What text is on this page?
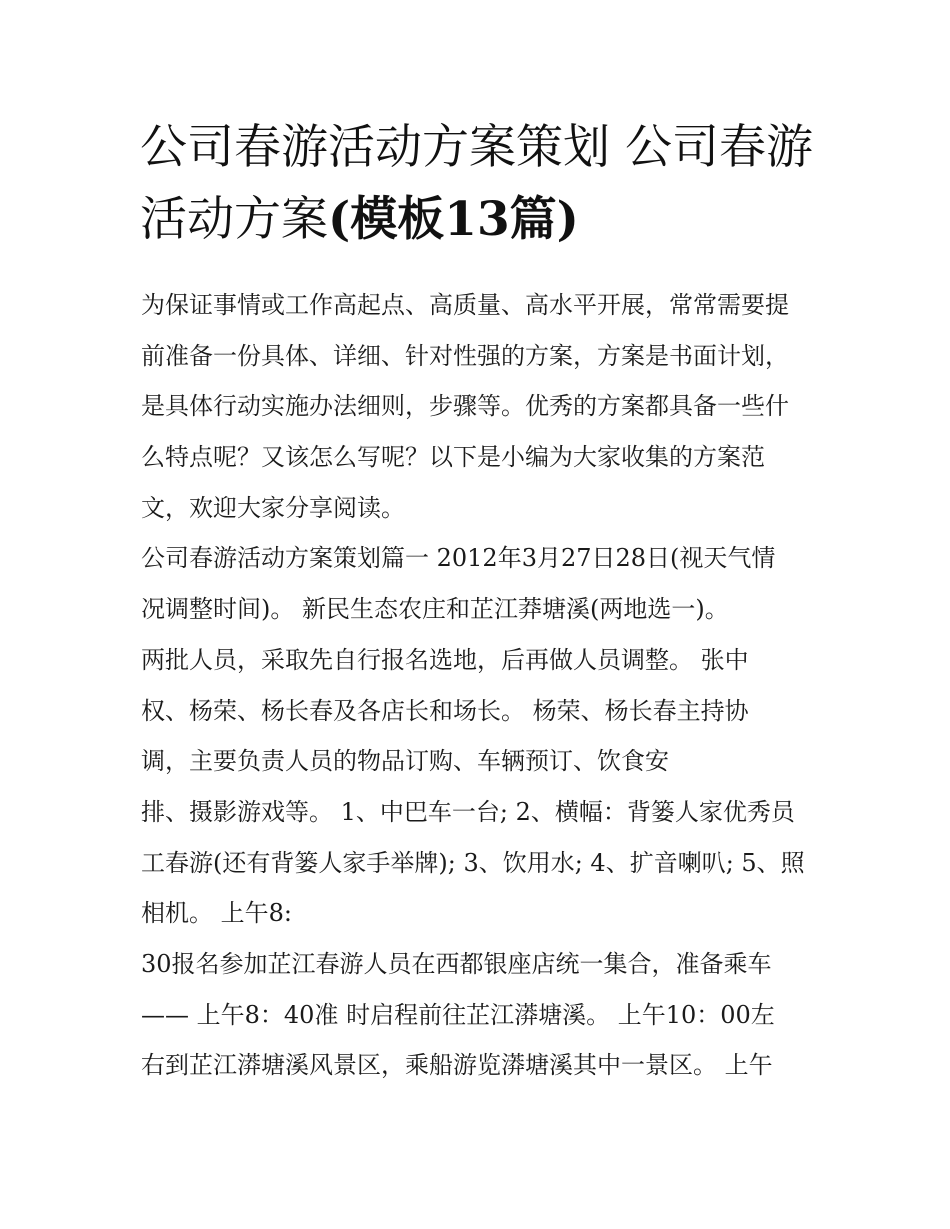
公司春游活动方案策划 公司春游活动方案(模板13篇)
为保证事情或工作高起点、高质量、高水平开展，常常需要提
前准备一份具体、详细、针对性强的方案，方案是书面计划，
是具体行动实施办法细则，步骤等。优秀的方案都具备一些什
么特点呢？又该怎么写呢？以下是小编为大家收集的方案范
文，欢迎大家分享阅读。
公司春游活动方案策划篇一 2012年3月27日28日(视天气情
况调整时间)。 新民生态农庄和芷江莽塘溪(两地选一)。
两批人员，采取先自行报名选地，后再做人员调整。 张中
权、杨荣、杨长春及各店长和场长。 杨荣、杨长春主持协
调，主要负责人员的物品订购、车辆预订、饮食安
排、摄影游戏等。 1、中巴车一台; 2、横幅：背篓人家优秀员
工春游(还有背篓人家手举牌); 3、饮用水; 4、扩音喇叭; 5、照
相机。 上午8:
30报名参加芷江春游人员在西都银座店统一集合，准备乘车
—— 上午8：40准 时启程前往芷江漭塘溪。 上午10：00左
右到芷江漭塘溪风景区，乘船游览漭塘溪其中一景区。 上午
